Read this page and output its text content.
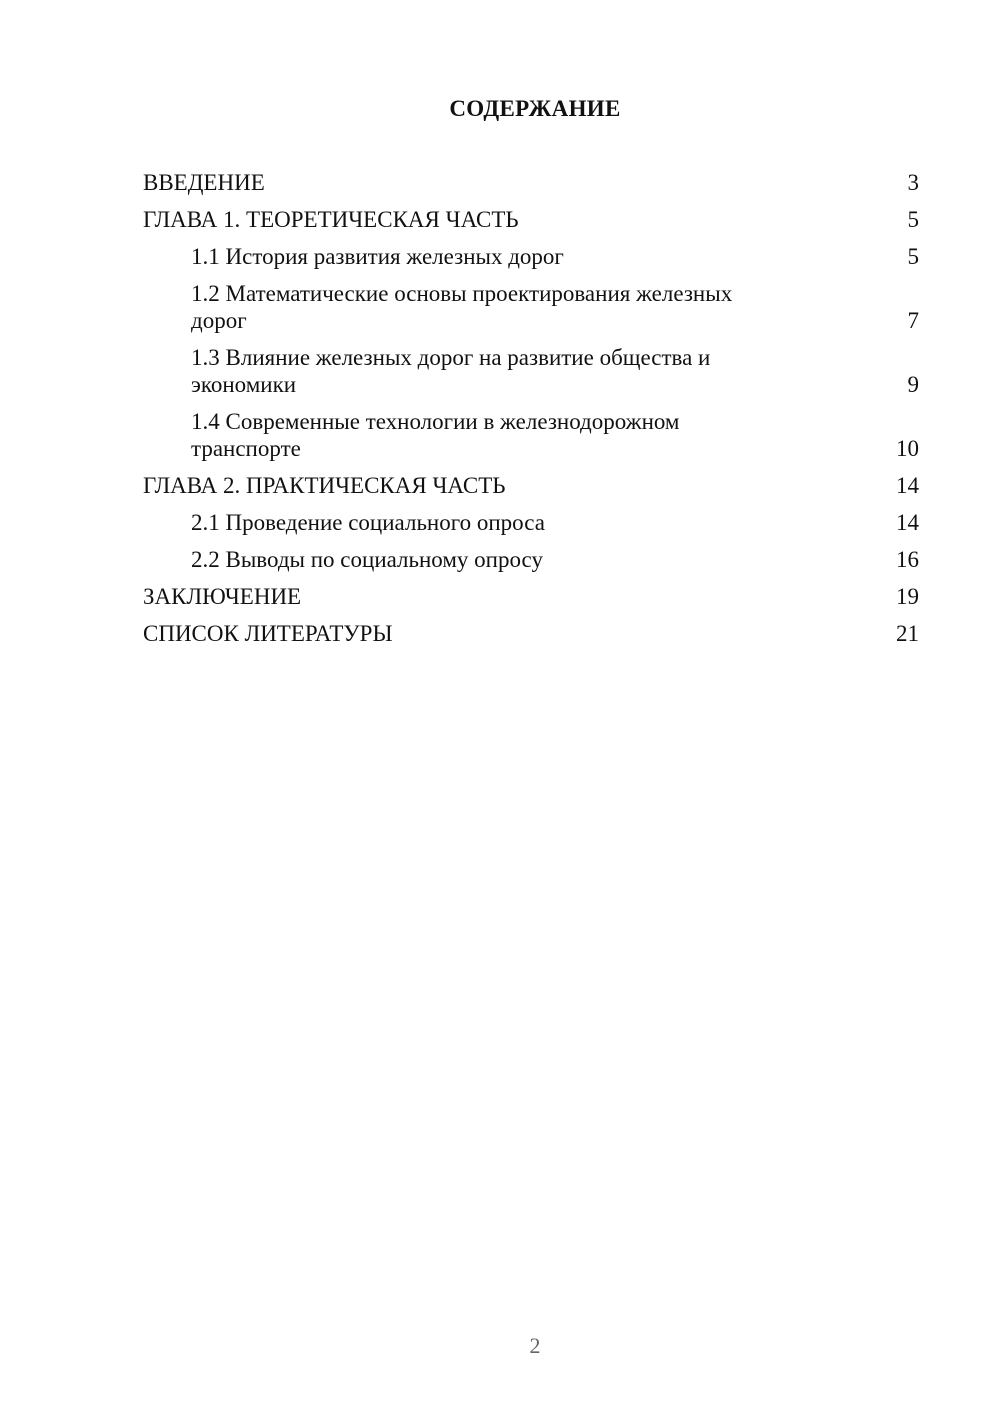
СОДЕРЖАНИЕ
ВВЕДЕНИЕ	3
ГЛАВА 1. ТЕОРЕТИЧЕСКАЯ ЧАСТЬ	5
1.1 История развития железных дорог	5
1.2 Математические основы проектирования железных дорог	7
1.3 Влияние железных дорог на развитие общества и экономики	9
1.4 Современные технологии в железнодорожном транспорте	10
ГЛАВА 2. ПРАКТИЧЕСКАЯ ЧАСТЬ	14
2.1 Проведение социального опроса	14
2.2 Выводы по социальному опросу	16
ЗАКЛЮЧЕНИЕ	19
СПИСОК ЛИТЕРАТУРЫ	21
2
